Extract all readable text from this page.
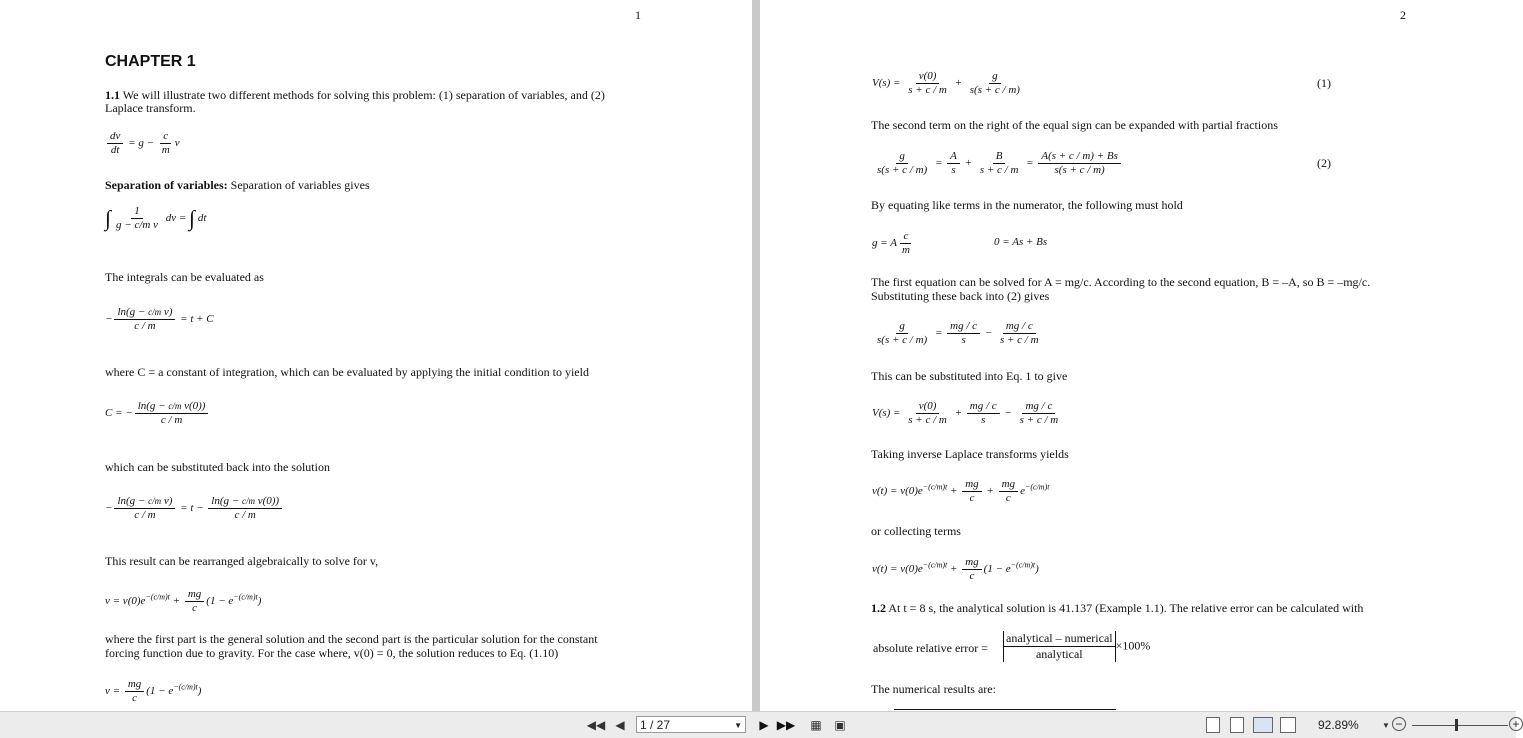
1
CHAPTER 1
1.1 We will illustrate two different methods for solving this problem: (1) separation of variables, and (2)
Laplace transform.
$\frac{dv}{dt} = g - \frac{c}{m}$ v
Separation of variables: Separation of variables gives
∫ $\frac{1}{\text{g − c/m v}}$ dv = ∫ dt
The integrals can be evaluated as
− $\frac{\text{ln(g − c/m v)}}{c / m} = t + C$
where C = a constant of integration, which can be evaluated by applying the initial condition to yield
C = − $\frac{\text{ln(g − c/m v(0))}}{c / m}$
which can be substituted back into the solution
− $\frac{\text{ln(g − c/m v)}}{c / m} = t - \frac{\text{ln(g − c/m v(0))}}{c / m}$
This result can be rearranged algebraically to solve for v,
$v = v(0)e^{-(c/m)t} + \frac{mg}{c} (1 - e^{-(c/m)t})$
where the first part is the general solution and the second part is the particular solution for the constant
forcing function due to gravity. For the case where, v(0) = 0, the solution reduces to Eq. (1.10)
$v = \frac{mg}{c} (1 - e^{-(c/m)t})$
2
$V(s) = \frac{v(0)}{s + c / m} + \frac{g}{s(s + c / m)}$	(1)
The second term on the right of the equal sign can be expanded with partial fractions
$\frac{g}{s(s + c / m)} = \frac{A}{s} + \frac{B}{s + c / m} = \frac{A(s + c / m) + Bs}{s(s + c / m)}$	(2)
By equating like terms in the numerator, the following must hold
g = A $\frac{c}{m}$	0 = As + Bs
The first equation can be solved for A = mg/c. According to the second equation, B = –A, so B = –mg/c.
Substituting these back into (2) gives
$\frac{g}{s(s + c / m)} = \frac{mg / c}{s} - \frac{mg / c}{s + c / m}$
This can be substituted into Eq. 1 to give
$V(s) = \frac{v(0)}{s + c / m} + \frac{mg / c}{s} - \frac{mg / c}{s + c / m}$
Taking inverse Laplace transforms yields
$v(t) = v(0)e^{-(c/m)t} + \frac{mg}{c} + \frac{mg}{c} e^{-(c/m)t}$
or collecting terms
$v(t) = v(0)e^{-(c/m)t} + \frac{mg}{c} (1 - e^{-(c/m)t})$
1.2 At t = 8 s, the analytical solution is 41.137 (Example 1.1). The relative error can be calculated with
absolute relative error =
analytical – numerical
analytical
×100%
The numerical results are:
◀◀ ◀	1 / 27	▼ ▶ ▶▶ ▦ ▣	92.89%	▼ −	+
